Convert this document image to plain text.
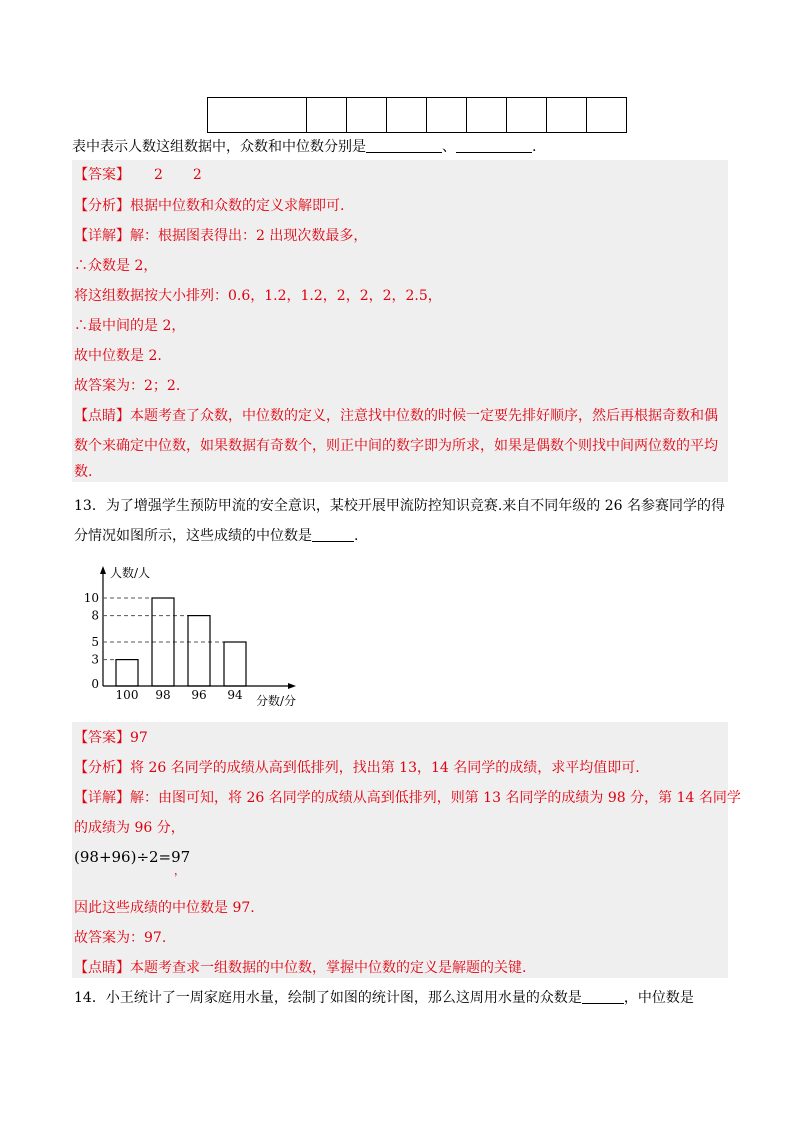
表中表示人数这组数据中，众数和中位数分别是	、	.
【答案】 2 2
【分析】根据中位数和众数的定义求解即可.
【详解】解：根据图表得出：2 出现次数最多，
∴众数是 2，
将这组数据按大小排列：0.6，1.2，1.2，2，2，2，2.5，
∴最中间的是 2，
故中位数是 2.
故答案为：2；2.
【点睛】本题考查了众数，中位数的定义，注意找中位数的时候一定要先排好顺序，然后再根据奇数和偶
数个来确定中位数，如果数据有奇数个，则正中间的数字即为所求，如果是偶数个则找中间两位数的平均
数.
13．为了增强学生预防甲流的安全意识，某校开展甲流防控知识竞赛.来自不同年级的 26 名参赛同学的得
分情况如图所示，这些成绩的中位数是	.
人数/人
分数/分
0
3
5
8
10
100 98 96 94
【答案】97
【分析】将 26 名同学的成绩从高到低排列，找出第 13，14 名同学的成绩，求平均值即可.
【详解】解：由图可知，将 26 名同学的成绩从高到低排列，则第 13 名同学的成绩为 98 分，第 14 名同学
的成绩为 96 分，
(98+96)÷2=97
，
因此这些成绩的中位数是 97.
故答案为：97.
【点睛】本题考查求一组数据的中位数，掌握中位数的定义是解题的关键.
14．小王统计了一周家庭用水量，绘制了如图的统计图，那么这周用水量的众数是	，中位数是
